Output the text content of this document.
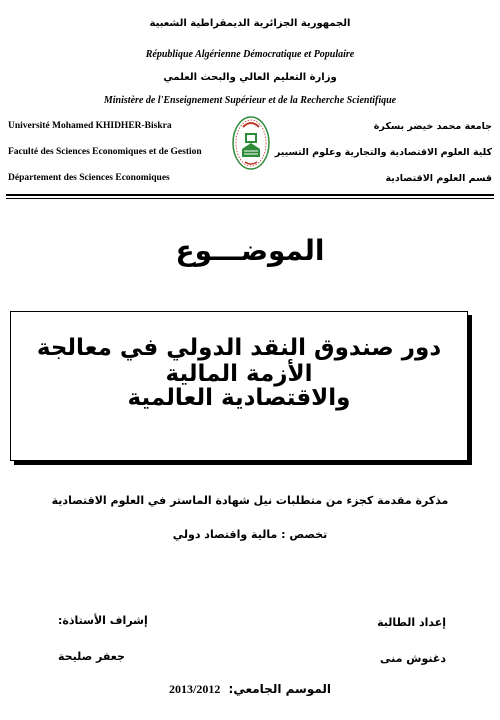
الجمهورية الجزائرية الديمقراطية الشعبية
République Algérienne Démocratique et Populaire
وزارة التعليم العالي والبحث العلمي
Ministère de l'Enseignement Supérieur et de la Recherche Scientifique
Université Mohamed KHIDHER-Biskra
Faculté des Sciences Economiques et de Gestion
Département des Sciences Economiques
جامعة محمد خيضر بسكرة
كلية العلوم الاقتصادية والتجارية وعلوم التسيير
قسم العلوم الاقتصادية
الموضـــوع
دور صندوق النقد الدولي في معالجة الأزمة المالية
والاقتصادية العالمية
مذكرة مقدمة كجزء من متطلبات نيل شهادة الماستر في العلوم الاقتصادية
تخصص : مالية واقتصاد دولي
إعداد الطالبة
إشراف الأستاذة:
دغنوش منى
جعفر صليحة
الموسم الجامعي: 2013/2012
